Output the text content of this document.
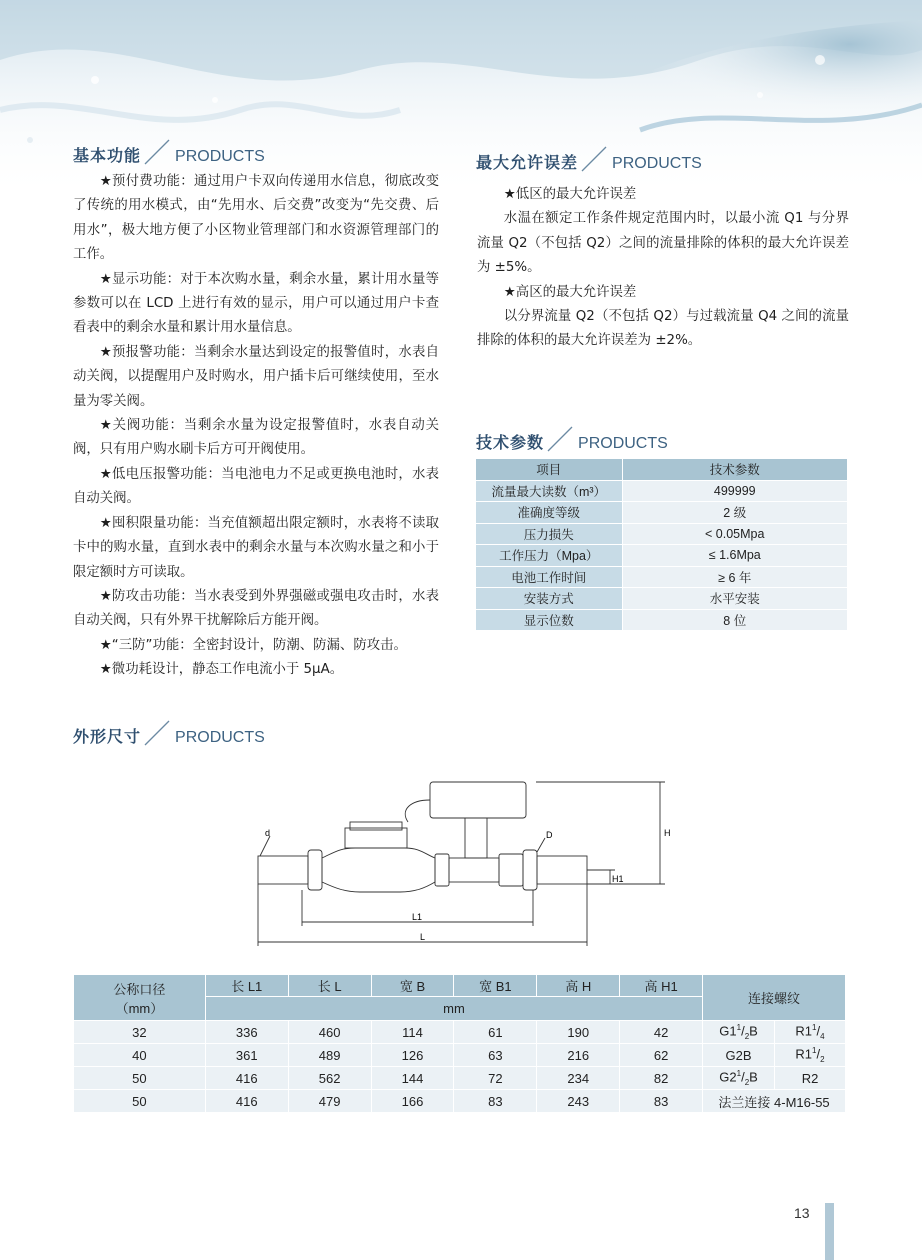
基本功能 PRODUCTS

★预付费功能：通过用户卡双向传递用水信息，彻底改变了传统的用水模式，由“先用水、后交费”改变为“先交费、后用水”，极大地方便了小区物业管理部门和水资源管理部门的工作。

★显示功能：对于本次购水量，剩余水量，累计用水量等参数可以在 LCD 上进行有效的显示，用户可以通过用户卡查看表中的剩余水量和累计用水量信息。

★预报警功能：当剩余水量达到设定的报警值时，水表自动关阀，以提醒用户及时购水，用户插卡后可继续使用，至水量为零关阀。

★关阀功能：当剩余水量为设定报警值时，水表自动关阀，只有用户购水刷卡后方可开阀使用。

★低电压报警功能：当电池电力不足或更换电池时，水表自动关阀。

★囤积限量功能：当充值额超出限定额时，水表将不读取卡中的购水量，直到水表中的剩余水量与本次购水量之和小于限定额时方可读取。

★防攻击功能：当水表受到外界强磁或强电攻击时，水表自动关阀，只有外界干扰解除后方能开阀。

★“三防”功能：全密封设计，防潮、防漏、防攻击。

★微功耗设计，静态工作电流小于 5μA。

最大允许误差 PRODUCTS

★低区的最大允许误差

水温在额定工作条件规定范围内时，以最小流 Q1 与分界流量 Q2（不包括 Q2）之间的流量排除的体积的最大允许误差为 ±5%。

★高区的最大允许误差

以分界流量 Q2（不包括 Q2）与过载流量 Q4 之间的流量排除的体积的最大允许误差为 ±2%。

技术参数 PRODUCTS
项目	技术参数
流量最大读数（m³）	499999
准确度等级	2 级
压力损失	< 0.05Mpa
工作压力（Mpa）	≤ 1.6Mpa
电池工作时间	≥ 6 年
安装方式	水平安装
显示位数	8 位
外形尺寸 PRODUCTS
d	D	H
H1
L1
L
公称口径
（mm）	长 L1	长 L	宽 B	宽 B1	高 H	高 H1	连接螺纹	
	mm							
32	336	460	114	61	190	42	$G1^1/_2B$	$R1^1/_4$
40	361	489	126	63	216	62	G2B	$R1^1/_2$
50	416	562	144	72	234	82	$G2^1/_2B$	R2
50	416	479	166	83	243	83	法兰连接 4-M16-55	
13
